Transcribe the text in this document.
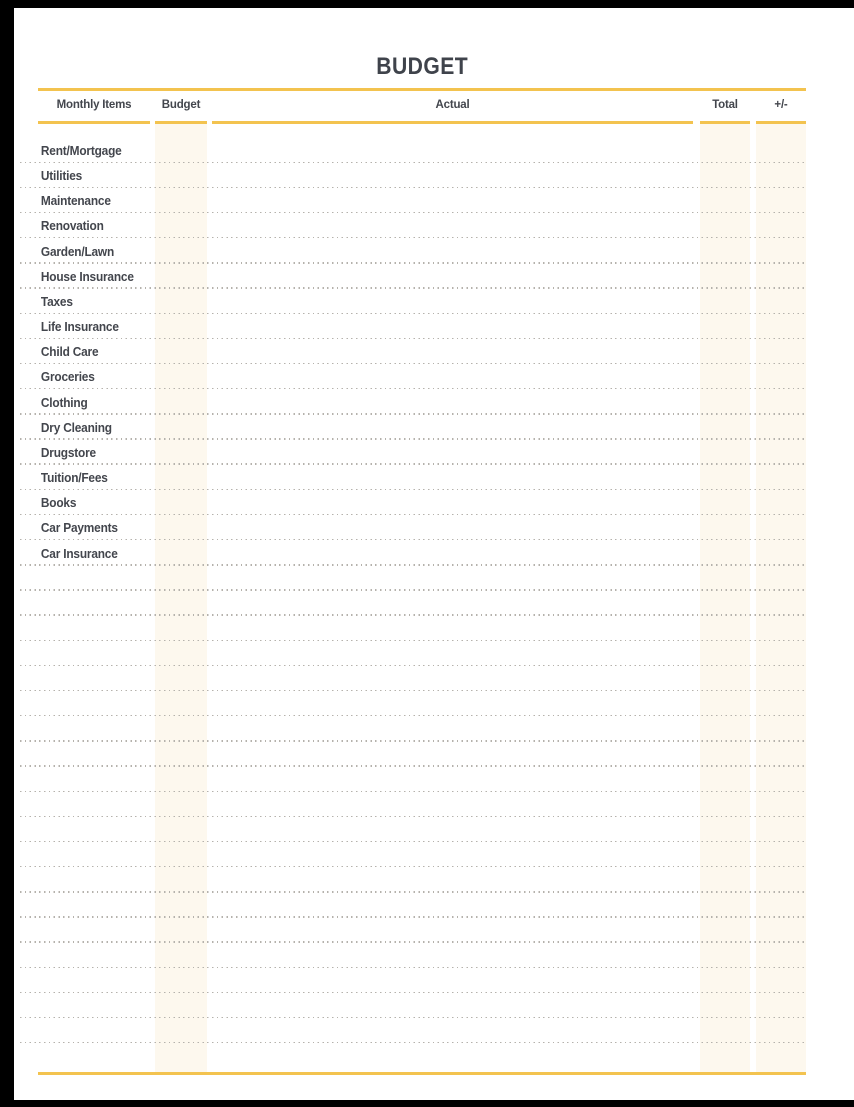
BUDGET
Monthly Items	Budget	Actual	Total	+/-
Rent/Mortgage
Utilities
Maintenance
Renovation
Garden/Lawn
House Insurance
Taxes
Life Insurance
Child Care
Groceries
Clothing
Dry Cleaning
Drugstore
Tuition/Fees
Books
Car Payments
Car Insurance
